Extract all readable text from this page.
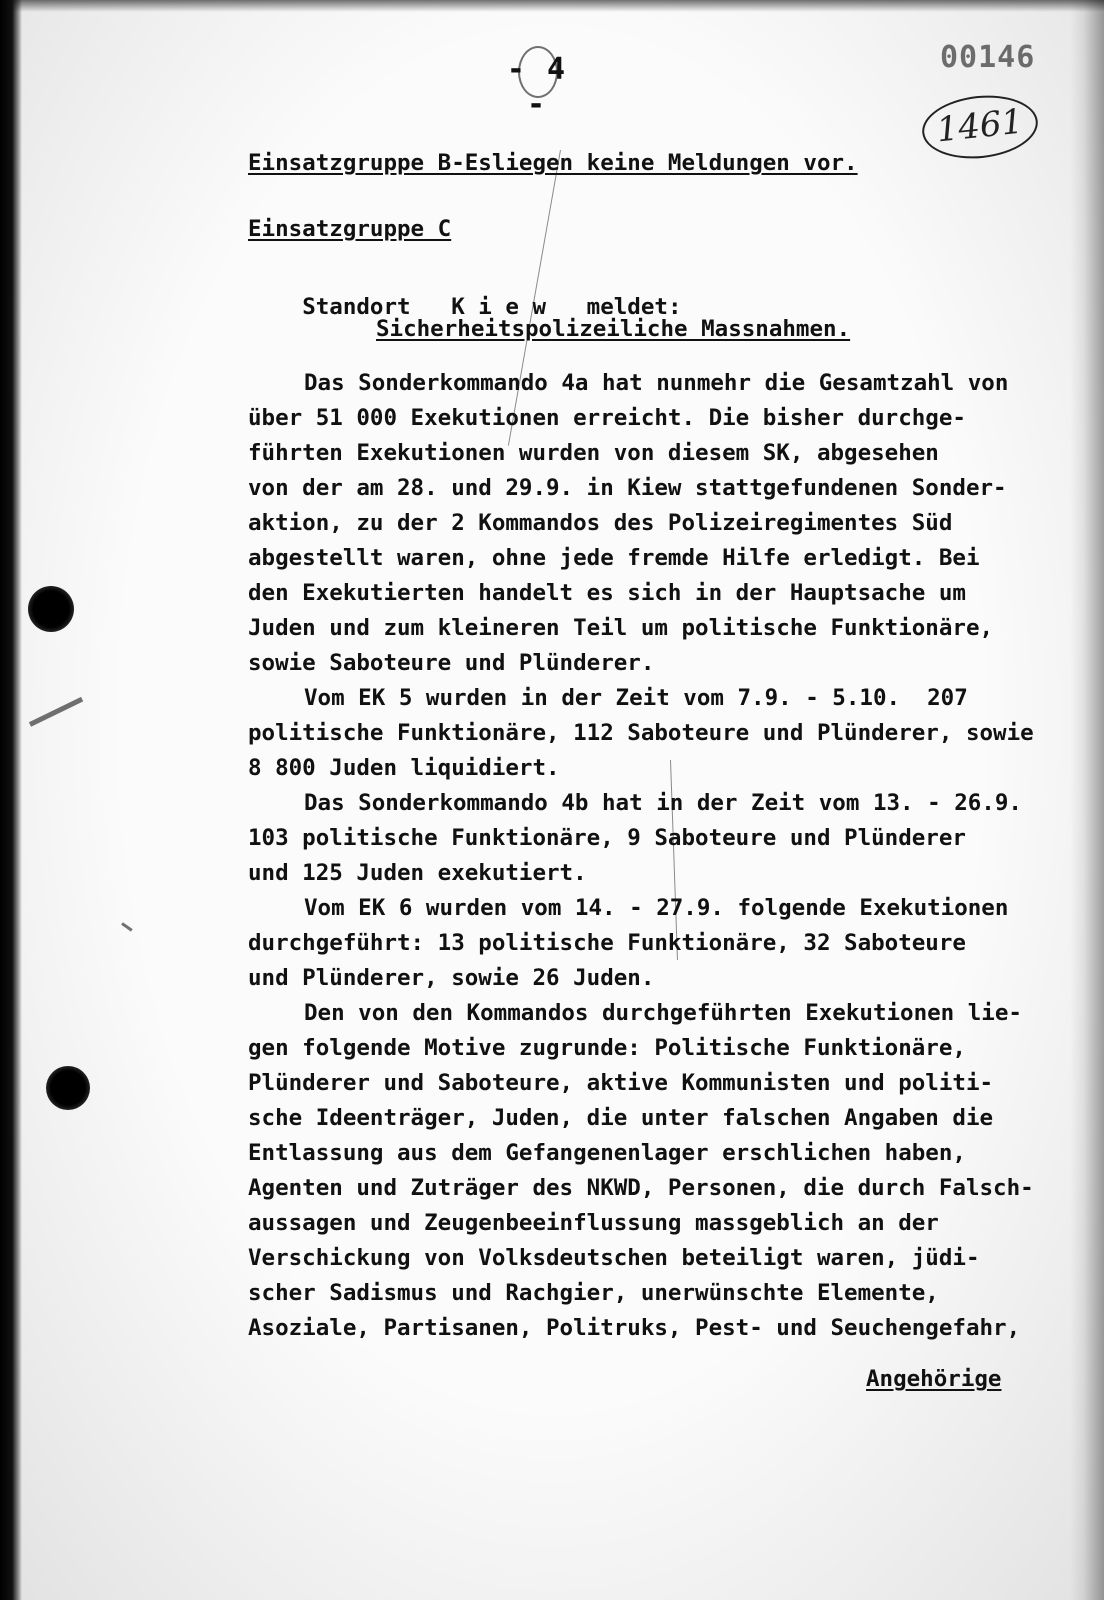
- 4 -
00146
1461
Einsatzgruppe B-Esliegen keine Meldungen vor.
Einsatzgruppe C

Standort K i e w meldet:

Sicherheitspolizeiliche Massnahmen.
Das Sonderkommando 4a hat nunmehr die Gesamtzahl von
über 51 000 Exekutionen erreicht. Die bisher durchge-
führten Exekutionen wurden von diesem SK, abgesehen
von der am 28. und 29.9. in Kiew stattgefundenen Sonder-
aktion, zu der 2 Kommandos des Polizeiregimentes Süd
abgestellt waren, ohne jede fremde Hilfe erledigt. Bei
den Exekutierten handelt es sich in der Hauptsache um
Juden und zum kleineren Teil um politische Funktionäre,
sowie Saboteure und Plünderer.
Vom EK 5 wurden in der Zeit vom 7.9. - 5.10.  207
politische Funktionäre, 112 Saboteure und Plünderer, sowie
8 800 Juden liquidiert.
Das Sonderkommando 4b hat in der Zeit vom 13. - 26.9.
103 politische Funktionäre, 9 Saboteure und Plünderer
und 125 Juden exekutiert.
Vom EK 6 wurden vom 14. - 27.9. folgende Exekutionen
durchgeführt: 13 politische Funktionäre, 32 Saboteure
und Plünderer, sowie 26 Juden.
Den von den Kommandos durchgeführten Exekutionen lie-
gen folgende Motive zugrunde: Politische Funktionäre,
Plünderer und Saboteure, aktive Kommunisten und politi-
sche Ideenträger, Juden, die unter falschen Angaben die
Entlassung aus dem Gefangenenlager erschlichen haben,
Agenten und Zuträger des NKWD, Personen, die durch Falsch-
aussagen und Zeugenbeeinflussung massgeblich an der
Verschickung von Volksdeutschen beteiligt waren, jüdi-
scher Sadismus und Rachgier, unerwünschte Elemente,
Asoziale, Partisanen, Politruks, Pest- und Seuchengefahr,
Angehörige
